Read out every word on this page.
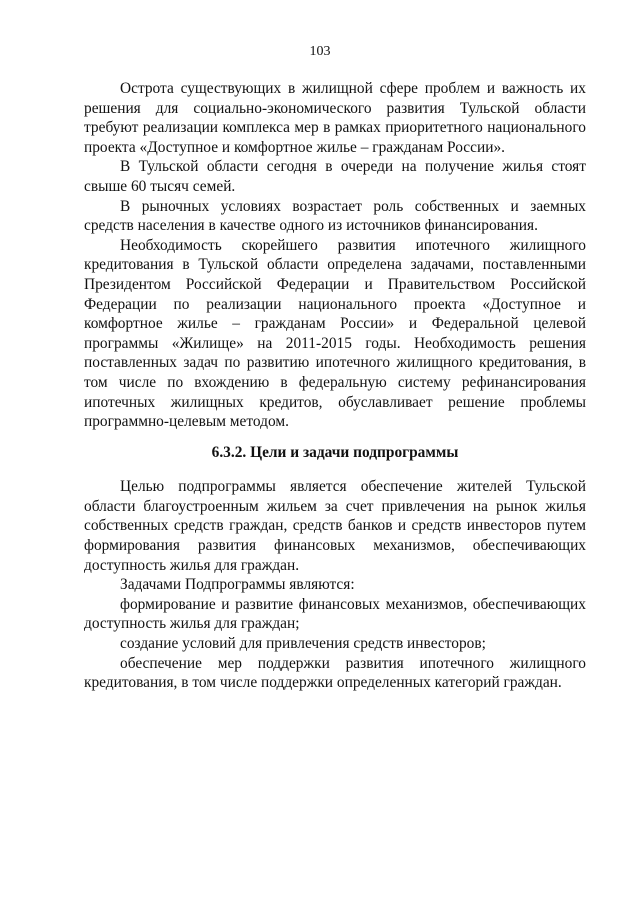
103

Острота существующих в жилищной сфере проблем и важность их решения для социально-экономического развития Тульской области требуют реализации комплекса мер в рамках приоритетного национального проекта «Доступное и комфортное жилье – гражданам России».

В Тульской области сегодня в очереди на получение жилья стоят свыше 60 тысяч семей.

В рыночных условиях возрастает роль собственных и заемных средств населения в качестве одного из источников финансирования.

Необходимость скорейшего развития ипотечного жилищного кредитования в Тульской области определена задачами, поставленными Президентом Российской Федерации и Правительством Российской Федерации по реализации национального проекта «Доступное и комфортное жилье – гражданам России» и Федеральной целевой программы «Жилище» на 2011-2015 годы. Необходимость решения поставленных задач по развитию ипотечного жилищного кредитования, в том числе по вхождению в федеральную систему рефинансирования ипотечных жилищных кредитов, обуславливает решение проблемы программно-целевым методом.

6.3.2. Цели и задачи подпрограммы

Целью подпрограммы является обеспечение жителей Тульской области благоустроенным жильем за счет привлечения на рынок жилья собственных средств граждан, средств банков и средств инвесторов путем формирования развития финансовых механизмов, обеспечивающих доступность жилья для граждан.

Задачами Подпрограммы являются:

формирование и развитие финансовых механизмов, обеспечивающих доступность жилья для граждан;

создание условий для привлечения средств инвесторов;

обеспечение мер поддержки развития ипотечного жилищного кредитования, в том числе поддержки определенных категорий граждан.
